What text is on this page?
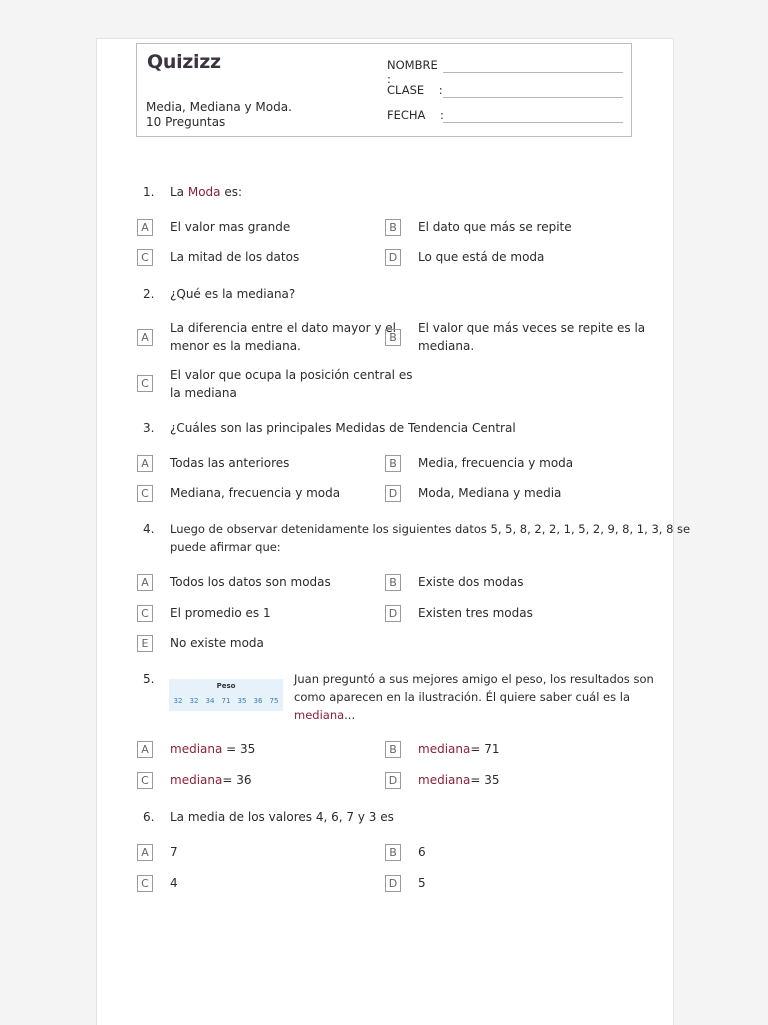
Quizizz
Media, Mediana y Moda.
10 Preguntas
NOMBRE :
CLASE    :
FECHA    :
1. La Moda es:
A	El valor mas grande	B	El dato que más se repite
C	La mitad de los datos	D	Lo que está de moda
2. ¿Qué es la mediana?
A
La diferencia entre el dato mayor y el
menor es la mediana.
B
El valor que más veces se repite es la
mediana.
C
El valor que ocupa la posición central es
la mediana
3. ¿Cuáles son las principales Medidas de Tendencia Central
A	Todas las anteriores	B	Media, frecuencia y moda
C	Mediana, frecuencia y moda	D	Moda, Mediana y media
4. Luego de observar detenidamente los siguientes datos 5, 5, 8, 2, 2, 1, 5, 2, 9, 8, 1, 3, 8 se
puede afirmar que:
A	Todos los datos son modas	B	Existe dos modas
C	El promedio es 1	D	Existen tres modas
E	No existe moda
5.	Peso
32	32	34	71	35	36	75
Juan preguntó a sus mejores amigo el peso, los resultados son
como aparecen en la ilustración. Él quiere saber cuál es la
mediana...
A	mediana = 35	B	mediana= 71
C	mediana= 36	D	mediana= 35
6. La media de los valores 4, 6, 7 y 3 es
A	7	B	6
C	4	D	5
